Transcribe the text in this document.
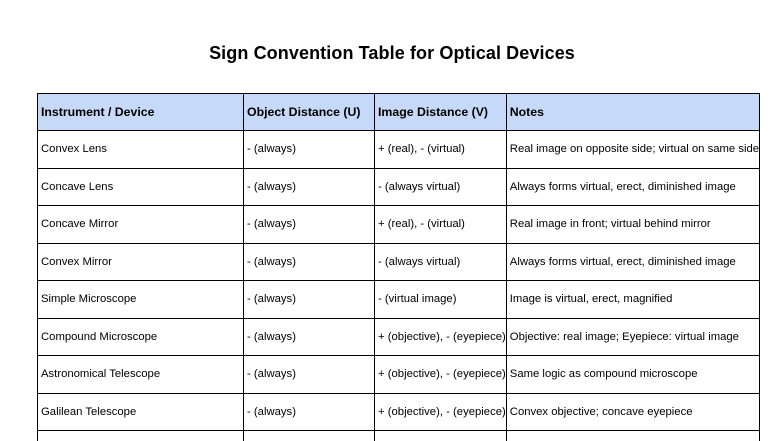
Sign Convention Table for Optical Devices
Instrument / Device	Object Distance (U)	Image Distance (V)	Notes
Convex Lens	- (always)	+ (real), - (virtual)	Real image on opposite side; virtual on same side
Concave Lens	- (always)	- (always virtual)	Always forms virtual, erect, diminished image
Concave Mirror	- (always)	+ (real), - (virtual)	Real image in front; virtual behind mirror
Convex Mirror	- (always)	- (always virtual)	Always forms virtual, erect, diminished image
Simple Microscope	- (always)	- (virtual image)	Image is virtual, erect, magnified
Compound Microscope	- (always)	+ (objective), - (eyepiece)	Objective: real image; Eyepiece: virtual image
Astronomical Telescope	- (always)	+ (objective), - (eyepiece)	Same logic as compound microscope
Galilean Telescope	- (always)	+ (objective), - (eyepiece)	Convex objective; concave eyepiece
